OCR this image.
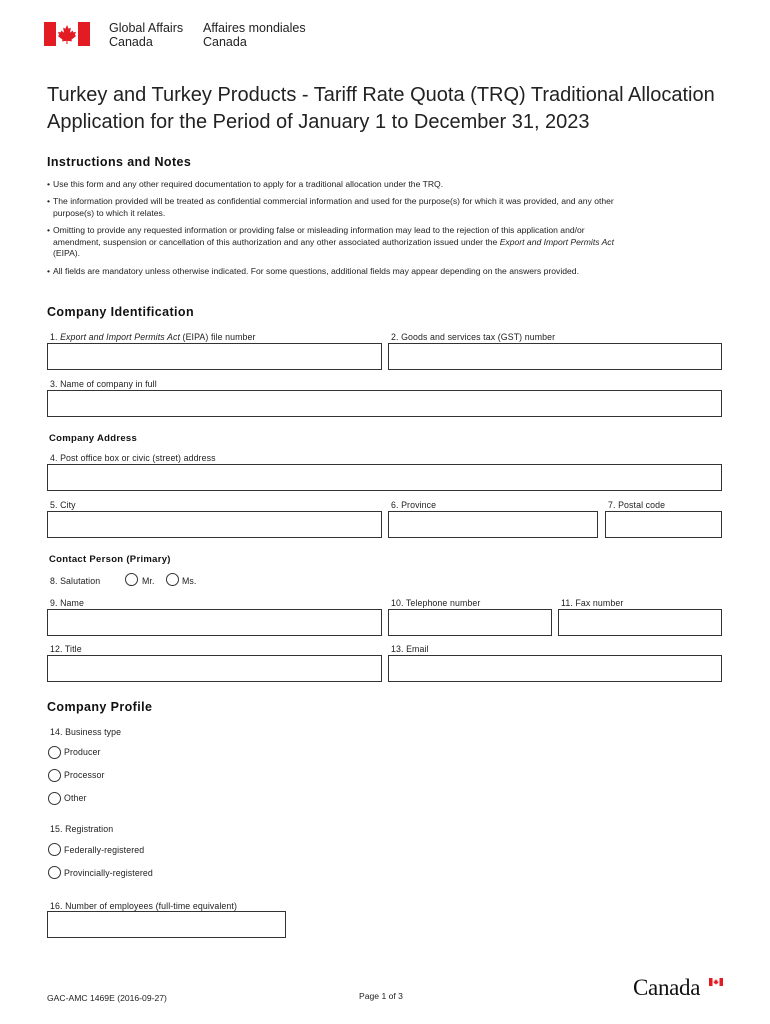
Global Affairs
Canada
Affaires mondiales
Canada
Turkey and Turkey Products - Tariff Rate Quota (TRQ) Traditional Allocation
Application for the Period of January 1 to December 31, 2023
Instructions and Notes
• Use this form and any other required documentation to apply for a traditional allocation under the TRQ.
• The information provided will be treated as confidential commercial information and used for the purpose(s) for which it was provided, and any other
purpose(s) to which it relates.
• Omitting to provide any requested information or providing false or misleading information may lead to the rejection of this application and/or
amendment, suspension or cancellation of this authorization and any other associated authorization issued under the Export and Import Permits Act
(EIPA).
• All fields are mandatory unless otherwise indicated. For some questions, additional fields may appear depending on the answers provided.
Company Identification
1. Export and Import Permits Act (EIPA) file number	2. Goods and services tax (GST) number
3. Name of company in full
Company Address
4. Post office box or civic (street) address
5. City	6. Province	7. Postal code
Contact Person (Primary)
8. Salutation	Mr.	Ms.
9. Name	10. Telephone number	11. Fax number
12. Title	13. Email
Company Profile
14. Business type
Producer
Processor
Other
15. Registration
Federally-registered
Provincially-registered
16. Number of employees (full-time equivalent)
GAC-AMC 1469E (2016-09-27)	Page 1 of 3	Canada
